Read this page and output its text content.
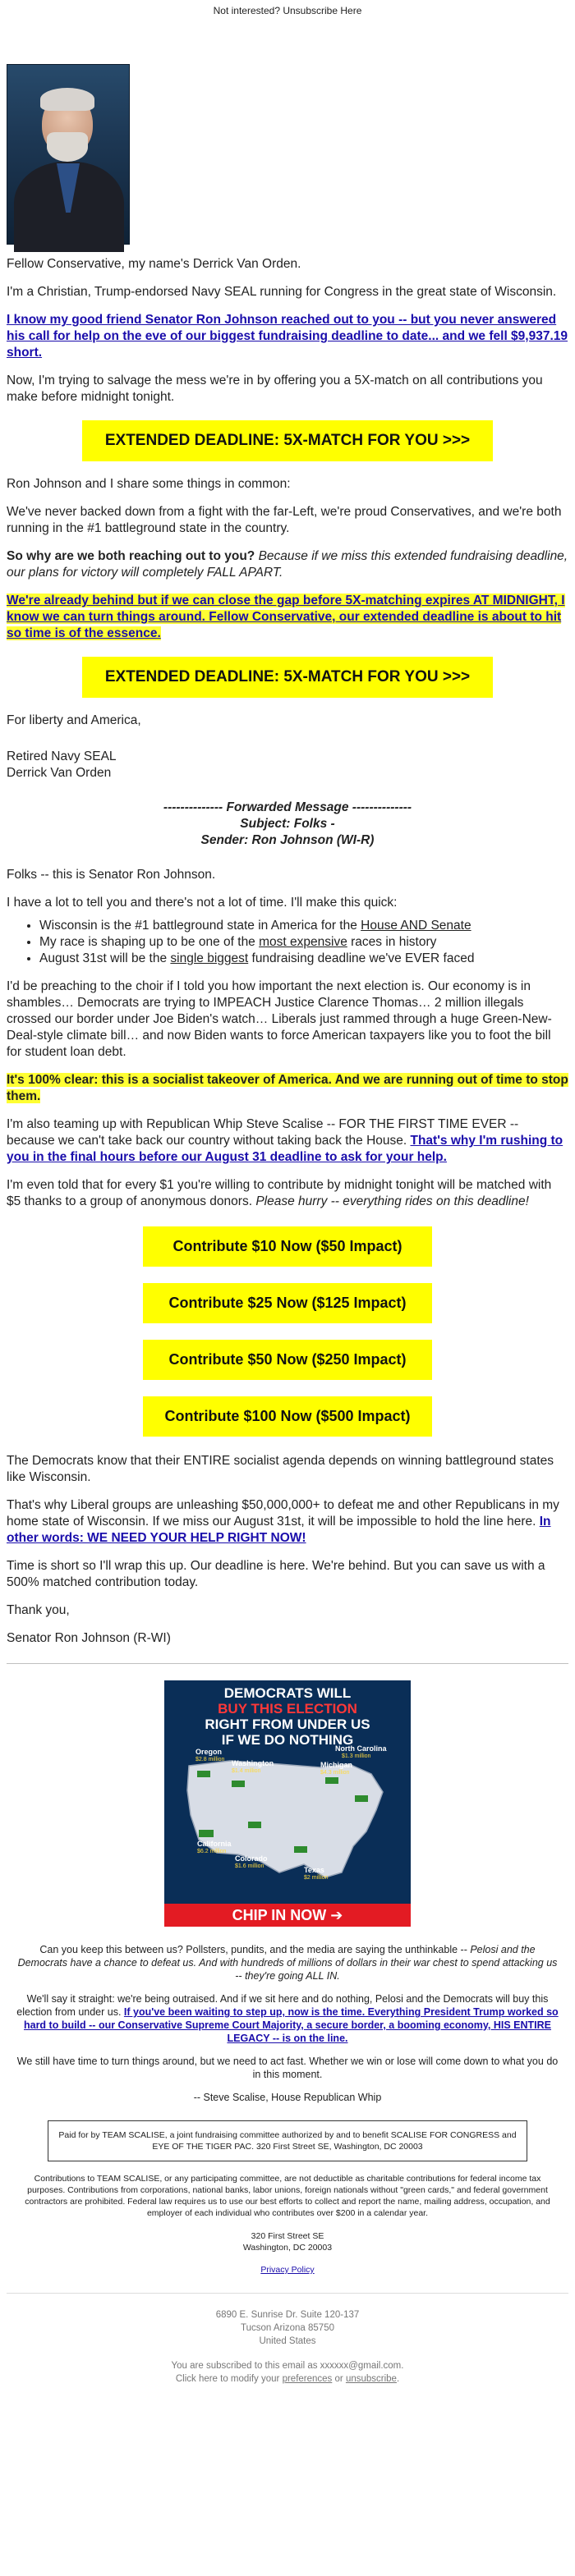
Not interested? Unsubscribe Here

Fellow Conservative, my name's Derrick Van Orden.

I'm a Christian, Trump-endorsed Navy SEAL running for Congress in the great state of Wisconsin.

I know my good friend Senator Ron Johnson reached out to you -- but you never answered his call for help on the eve of our biggest fundraising deadline to date... and we fell $9,937.19 short.

Now, I'm trying to salvage the mess we're in by offering you a 5X-match on all contributions you make before midnight tonight.

EXTENDED DEADLINE: 5X-MATCH FOR YOU >>>

Ron Johnson and I share some things in common:

We've never backed down from a fight with the far-Left, we're proud Conservatives, and we're both running in the #1 battleground state in the country.

So why are we both reaching out to you? Because if we miss this extended fundraising deadline, our plans for victory will completely FALL APART.

We're already behind but if we can close the gap before 5X-matching expires AT MIDNIGHT, I know we can turn things around. Fellow Conservative, our extended deadline is about to hit so time is of the essence.

EXTENDED DEADLINE: 5X-MATCH FOR YOU >>>

For liberty and America,

Retired Navy SEAL
Derrick Van Orden

-------------- Forwarded Message --------------
Subject: Folks -
Sender: Ron Johnson (WI-R)

Folks -- this is Senator Ron Johnson.

I have a lot to tell you and there's not a lot of time. I'll make this quick:

• Wisconsin is the #1 battleground state in America for the House AND Senate
• My race is shaping up to be one of the most expensive races in history
• August 31st will be the single biggest fundraising deadline we've EVER faced

I'd be preaching to the choir if I told you how important the next election is. Our economy is in shambles… Democrats are trying to IMPEACH Justice Clarence Thomas… 2 million illegals crossed our border under Joe Biden's watch… Liberals just rammed through a huge Green-New-Deal-style climate bill… and now Biden wants to force American taxpayers like you to foot the bill for student loan debt.

It's 100% clear: this is a socialist takeover of America. And we are running out of time to stop them.

I'm also teaming up with Republican Whip Steve Scalise -- FOR THE FIRST TIME EVER -- because we can't take back our country without taking back the House. That's why I'm rushing to you in the final hours before our August 31 deadline to ask for your help.

I'm even told that for every $1 you're willing to contribute by midnight tonight will be matched with $5 thanks to a group of anonymous donors. Please hurry -- everything rides on this deadline!

Contribute $10 Now ($50 Impact)
Contribute $25 Now ($125 Impact)
Contribute $50 Now ($250 Impact)
Contribute $100 Now ($500 Impact)

The Democrats know that their ENTIRE socialist agenda depends on winning battleground states like Wisconsin.

That's why Liberal groups are unleashing $50,000,000+ to defeat me and other Republicans in my home state of Wisconsin. If we miss our August 31st, it will be impossible to hold the line here. In other words: WE NEED YOUR HELP RIGHT NOW!

Time is short so I'll wrap this up. Our deadline is here. We're behind. But you can save us with a 500% matched contribution today.

Thank you,

Senator Ron Johnson (R-WI)

DEMOCRATS WILL
BUY THIS ELECTION
RIGHT FROM UNDER US
IF WE DO NOTHING
Oregon
$2.8 million Washington
$1.4 million
Michigan
$4.3 million
North Carolina
$1.3 million
California
$6.2 million
Colorado
$1.6 million	Texas
$2 million
CHIP IN NOW ➔

Can you keep this between us? Pollsters, pundits, and the media are saying the unthinkable -- Pelosi and the Democrats have a chance to defeat us. And with hundreds of millions of dollars in their war chest to spend attacking us -- they're going ALL IN.

We'll say it straight: we're being outraised. And if we sit here and do nothing, Pelosi and the Democrats will buy this election from under us. If you've been waiting to step up, now is the time. Everything President Trump worked so hard to build -- our Conservative Supreme Court Majority, a secure border, a booming economy, HIS ENTIRE LEGACY -- is on the line.

We still have time to turn things around, but we need to act fast. Whether we win or lose will come down to what you do in this moment.

-- Steve Scalise, House Republican Whip

Paid for by TEAM SCALISE, a joint fundraising committee authorized by and to benefit SCALISE FOR CONGRESS and EYE OF THE TIGER PAC. 320 First Street SE, Washington, DC 20003
Contributions to TEAM SCALISE, or any participating committee, are not deductible as charitable contributions for federal income tax purposes. Contributions from corporations, national banks, labor unions, foreign nationals without "green cards," and federal government contractors are prohibited. Federal law requires us to use our best efforts to collect and report the name, mailing address, occupation, and employer of each individual who contributes over $200 in a calendar year.
320 First Street SE
Washington, DC 20003
Privacy Policy
6890 E. Sunrise Dr. Suite 120-137
Tucson Arizona 85750
United States
You are subscribed to this email as xxxxxx@gmail.com.
Click here to modify your preferences or unsubscribe.
